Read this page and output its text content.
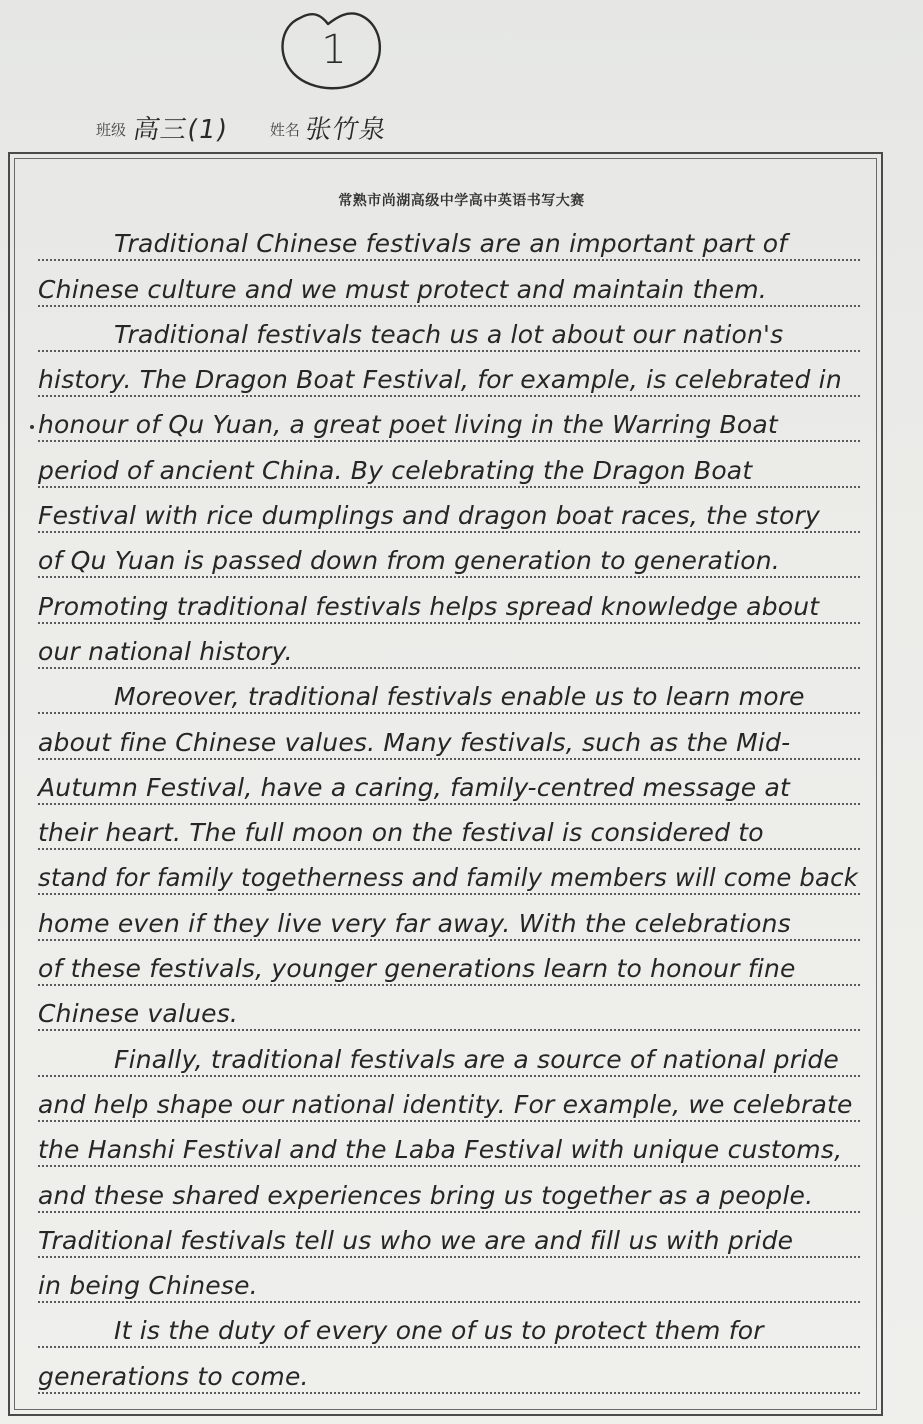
1
班级 高三(1)	姓名 张竹泉
常熟市尚湖高级中学高中英语书写大赛
Traditional Chinese festivals are an important part of
Chinese culture and we must protect and maintain them.
Traditional festivals teach us a lot about our nation's
history. The Dragon Boat Festival, for example, is celebrated in
honour of Qu Yuan, a great poet living in the Warring Boat
period of ancient China. By celebrating the Dragon Boat
Festival with rice dumplings and dragon boat races, the story
of Qu Yuan is passed down from generation to generation.
Promoting traditional festivals helps spread knowledge about
our national history.
Moreover, traditional festivals enable us to learn more
about fine Chinese values. Many festivals, such as the Mid-
Autumn Festival, have a caring, family-centred message at
their heart. The full moon on the festival is considered to
stand for family togetherness and family members will come back
home even if they live very far away. With the celebrations
of these festivals, younger generations learn to honour fine
Chinese values.
Finally, traditional festivals are a source of national pride
and help shape our national identity. For example, we celebrate
the Hanshi Festival and the Laba Festival with unique customs,
and these shared experiences bring us together as a people.
Traditional festivals tell us who we are and fill us with pride
in being Chinese.
It is the duty of every one of us to protect them for
generations to come.
